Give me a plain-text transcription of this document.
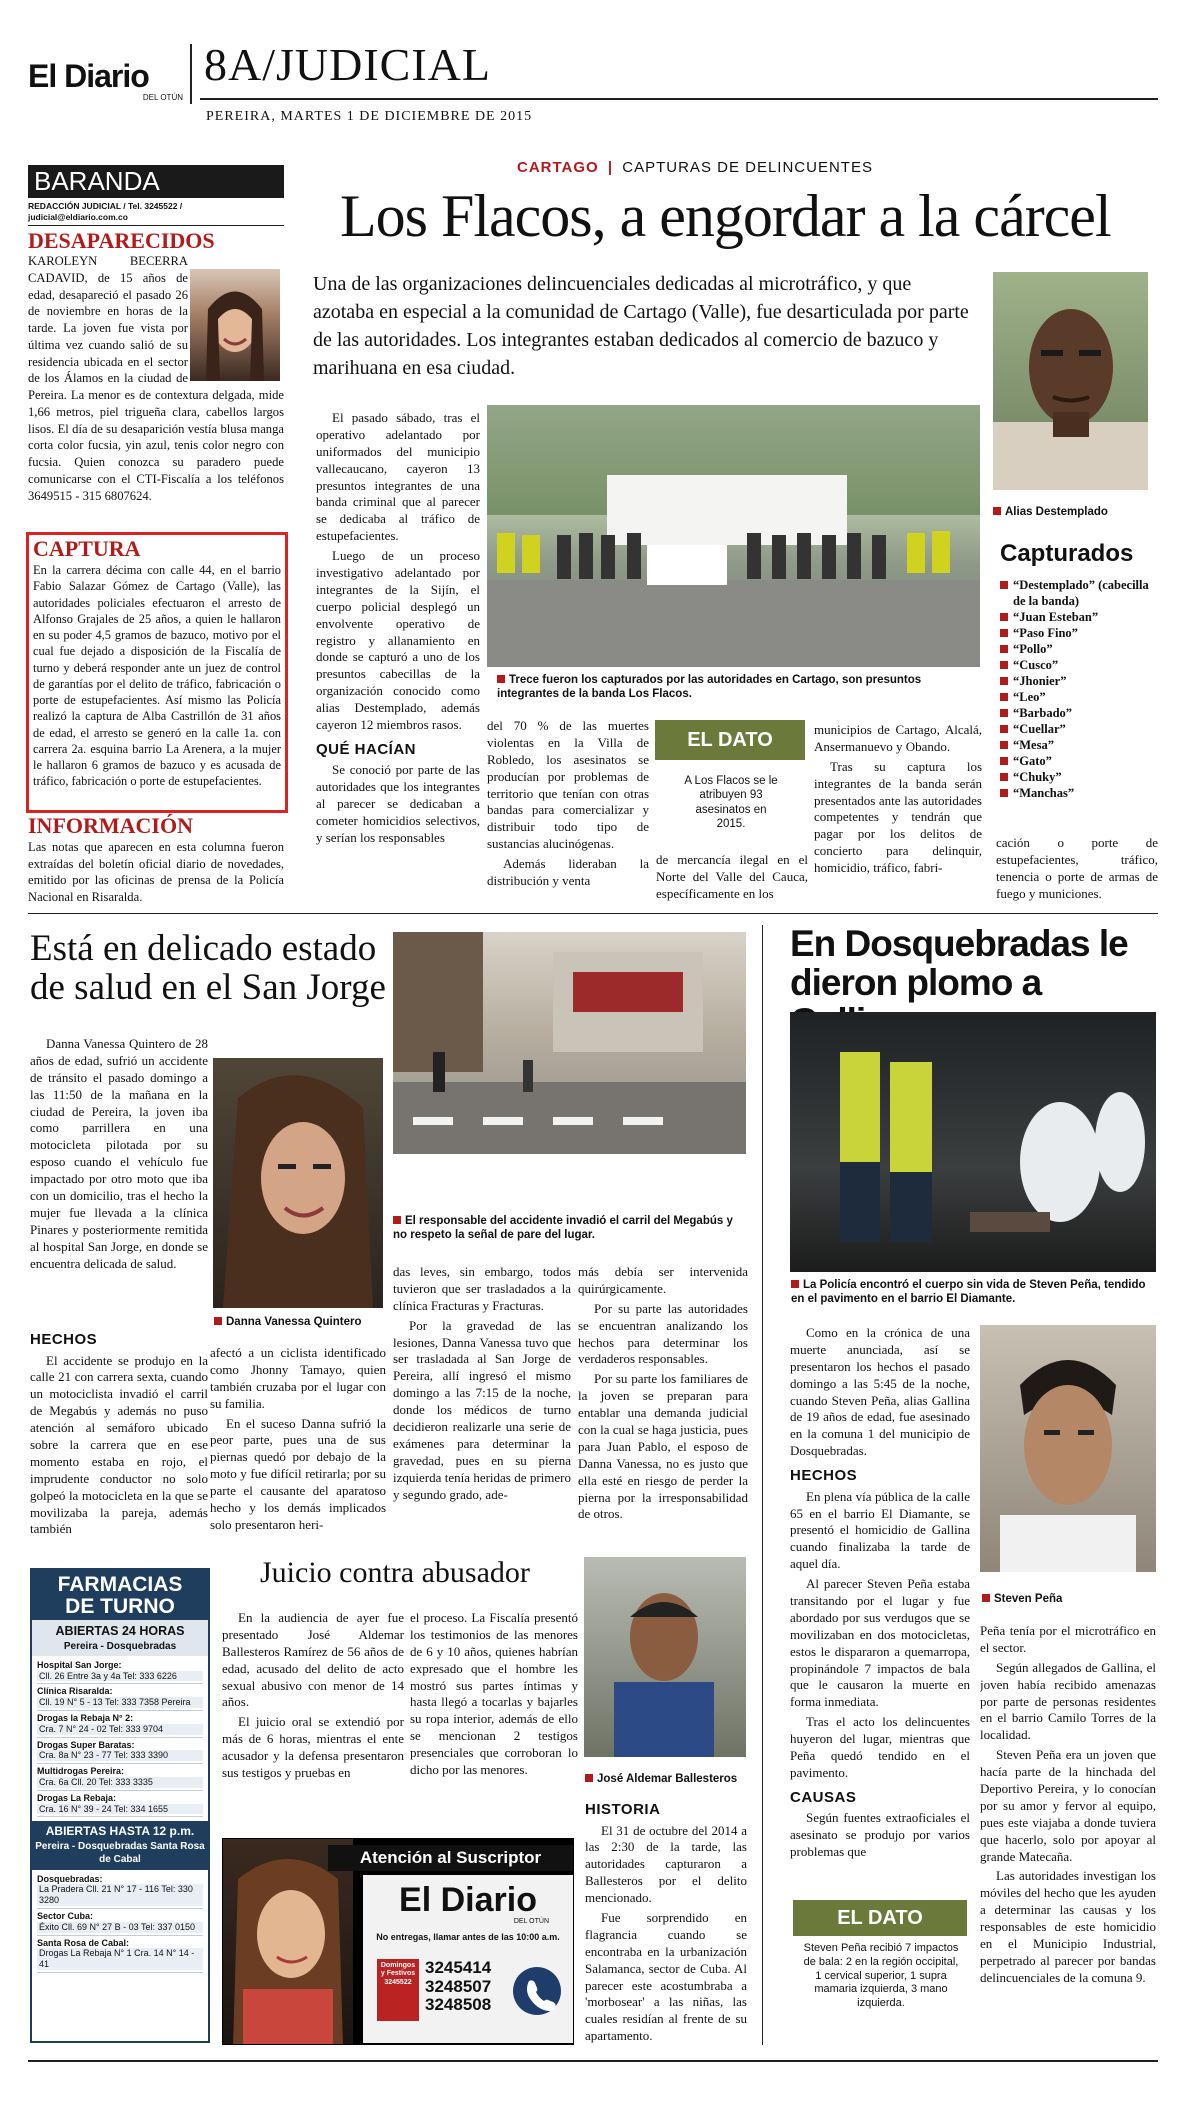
El Diario
DEL OTÚN
8A/JUDICIAL
PEREIRA, MARTES 1 DE DICIEMBRE DE 2015
BARANDA
REDACCIÓN JUDICIAL / Tel. 3245522 / judicial@eldiario.com.co
DESAPARECIDOS
KAROLEYN BECERRA CADAVID, de 15 años de edad, desapareció el pasado 26 de noviembre en horas de la tarde. La joven fue vista por última vez cuando salió de su residencia ubicada en el sector de los Álamos en la ciudad de Pereira. La menor es de contextura delgada, mide 1,66 metros, piel trigueña clara, cabellos largos lisos. El día de su desaparición vestía blusa manga corta color fucsia, yin azul, tenis color negro con fucsia. Quien conozca su paradero puede comunicarse con el CTI-Fiscalía a los teléfonos 3649515 - 315 6807624.
CAPTURA
En la carrera décima con calle 44, en el barrio Fabio Salazar Gómez de Cartago (Valle), las autoridades policiales efectuaron el arresto de Alfonso Grajales de 25 años, a quien le hallaron en su poder 4,5 gramos de bazuco, motivo por el cual fue dejado a disposición de la Fiscalía de turno y deberá responder ante un juez de control de garantías por el delito de tráfico, fabricación o porte de estupefacientes. Así mismo las Policía realizó la captura de Alba Castrillón de 31 años de edad, el arresto se generó en la calle 1a. con carrera 2a. esquina barrio La Arenera, a la mujer le hallaron 6 gramos de bazuco y es acusada de tráfico, fabricación o porte de estupefacientes.
INFORMACIÓN
Las notas que aparecen en esta columna fueron extraídas del boletín oficial diario de novedades, emitido por las oficinas de prensa de la Policía Nacional en Risaralda.
CARTAGO | CAPTURAS DE DELINCUENTES
Los Flacos, a engordar a la cárcel
Una de las organizaciones delincuenciales dedicadas al microtráfico, y que azotaba en especial a la comunidad de Cartago (Valle), fue desarticulada por parte de las autoridades. Los integrantes estaban dedicados al comercio de bazuco y marihuana en esa ciudad.
Alias Destemplado

El pasado sábado, tras el operativo adelantado por uniformados del municipio vallecaucano, cayeron 13 presuntos integrantes de una banda criminal que al parecer se dedicaba al tráfico de estupefacientes.

Luego de un proceso investigativo adelantado por integrantes de la Sijín, el cuerpo policial desplegó un envolvente operativo de registro y allanamiento en donde se capturó a uno de los presuntos cabecillas de la organización conocido como alias Destemplado, además cayeron 12 miembros rasos.

QUÉ HACÍAN

Se conoció por parte de las autoridades que los integrantes al parecer se dedicaban a cometer homicidios selectivos, y serían los responsables

Trece fueron los capturados por las autoridades en Cartago, son presuntos integrantes de la banda Los Flacos.

del 70 % de las muertes violentas en la Villa de Robledo, los asesinatos se producían por problemas de territorio que tenían con otras bandas para comercializar y distribuir todo tipo de sustancias alucinógenas.

Además lideraban la distribución y venta

EL DATO
A Los Flacos se le atribuyen 93 asesinatos en 2015.
de mercancía ilegal en el Norte del Valle del Cauca, específicamente en los

municipios de Cartago, Alcalá, Ansermanuevo y Obando.

Tras su captura los integrantes de la banda serán presentados ante las autoridades competentes y tendrán que pagar por los delitos de concierto para delinquir, homicidio, tráfico, fabri-

Capturados
“Destemplado” (cabecilla de la banda)
“Juan Esteban”
“Paso Fino”
“Pollo”
“Cusco”
“Jhonier”
“Leo”
“Barbado”
“Cuellar”
“Mesa”
“Gato”
“Chuky”
“Manchas”
cación o porte de estupefacientes, tráfico, tenencia o porte de armas de fuego y municiones.
Está en delicado estado de salud en el San Jorge

Danna Vanessa Quintero de 28 años de edad, sufrió un accidente de tránsito el pasado domingo a las 11:50 de la mañana en la ciudad de Pereira, la joven iba como parrillera en una motocicleta pilotada por su esposo cuando el vehículo fue impactado por otro moto que iba con un domicilio, tras el hecho la mujer fue llevada a la clínica Pinares y posteriormente remitida al hospital San Jorge, en donde se encuentra delicada de salud.

Danna Vanessa Quintero
HECHOS

El accidente se produjo en la calle 21 con carrera sexta, cuando un motociclista invadió el carril de Megabús y además no puso atención al semáforo ubicado sobre la carrera que en ese momento estaba en rojo, el imprudente conductor no solo golpeó la motocicleta en la que se movilizaba la pareja, además también

El responsable del accidente invadió el carril del Megabús y no respeto la señal de pare del lugar.

afectó a un ciclista identificado como Jhonny Tamayo, quien también cruzaba por el lugar con su familia.

En el suceso Danna sufrió la peor parte, pues una de sus piernas quedó por debajo de la moto y fue difícil retirarla; por su parte el causante del aparatoso hecho y los demás implicados solo presentaron heri-

das leves, sin embargo, todos tuvieron que ser trasladados a la clínica Fracturas y Fracturas.

Por la gravedad de las lesiones, Danna Vanessa tuvo que ser trasladada al San Jorge de Pereira, allí ingresó el mismo domingo a las 7:15 de la noche, donde los médicos de turno decidieron realizarle una serie de exámenes para determinar la gravedad, pues en su pierna izquierda tenía heridas de primero y segundo grado, ade-

más debía ser intervenida quirúrgicamente.

Por su parte las autoridades se encuentran analizando los hechos para determinar los verdaderos responsables.

Por su parte los familiares de la joven se preparan para entablar una demanda judicial con la cual se haga justicia, pues para Juan Pablo, el esposo de Danna Vanessa, no es justo que ella esté en riesgo de perder la pierna por la irresponsabilidad de otros.

En Dosquebradas le dieron plomo a
La Policía encontró el cuerpo sin vida de Steven Peña, tendido en el pavimento en el barrio El Diamante.

Como en la crónica de una muerte anunciada, así se presentaron los hechos el pasado domingo a las 5:45 de la noche, cuando Steven Peña, alias Gallina de 19 años de edad, fue asesinado en la comuna 1 del municipio de Dosquebradas.

HECHOS

En plena vía pública de la calle 65 en el barrio El Diamante, se presentó el homicidio de Gallina cuando finalizaba la tarde de aquel día.

Al parecer Steven Peña estaba transitando por el lugar y fue abordado por sus verdugos que se movilizaban en dos motocicletas, estos le dispararon a quemarropa, propinándole 7 impactos de bala que le causaron la muerte en forma inmediata.

Tras el acto los delincuentes huyeron del lugar, mientras que Peña quedó tendido en el pavimento.

CAUSAS

Según fuentes extraoficiales el asesinato se produjo por varios problemas que

EL DATO
Steven Peña recibió 7 impactos de bala: 2 en la región occipital, 1 cervical superior, 1 supra mamaria izquierda, 3 mano izquierda.
Steven Peña

Peña tenía por el microtráfico en el sector.

Según allegados de Gallina, el joven había recibido amenazas por parte de personas residentes en el barrio Camilo Torres de la localidad.

Steven Peña era un joven que hacía parte de la hinchada del Deportivo Pereira, y lo conocían por su amor y fervor al equipo, pues este viajaba a donde tuviera que hacerlo, solo por apoyar al grande Matecaña.

Las autoridades investigan los móviles del hecho que les ayuden a determinar las causas y los responsables de este homicidio en el Municipio Industrial, perpetrado al parecer por bandas delincuenciales de la comuna 9.

FARMACIAS
DE TURNO
ABIERTAS 24 HORAS
Pereira - Dosquebradas
Hospital San Jorge:
Cll. 26 Entre 3a y 4a Tel: 333 6226
Clínica Risaralda:
Cll. 19 N° 5 - 13 Tel: 333 7358 Pereira
Drogas la Rebaja N° 2:
Cra. 7 N° 24 - 02 Tel: 333 9704
Drogas Super Baratas:
Cra. 8a N° 23 - 77 Tel: 333 3390
Multidrogas Pereira:
Cra. 6a Cll. 20 Tel: 333 3335
Drogas La Rebaja:
Cra. 16 N° 39 - 24 Tel: 334 1655
ABIERTAS HASTA 12 p.m.
Pereira - Dosquebradas Santa Rosa de Cabal
Dosquebradas:
La Pradera Cll. 21 N° 17 - 116 Tel: 330 3280
Sector Cuba:
Éxito Cll. 69 N° 27 B - 03 Tel: 337 0150
Santa Rosa de Cabal:
Drogas La Rebaja N° 1 Cra. 14 N° 14 - 41
Juicio contra abusador

En la audiencia de ayer fue presentado José Aldemar Ballesteros Ramírez de 56 años de edad, acusado del delito de acto sexual abusivo con menor de 14 años.

El juicio oral se extendió por más de 6 horas, mientras el ente acusador y la defensa presentaron sus testigos y pruebas en

el proceso. La Fiscalía presentó los testimonios de las menores de 6 y 10 años, quienes habrían expresado que el hombre les mostró sus partes íntimas y hasta llegó a tocarlas y bajarles su ropa interior, además de ello se mencionan 2 testigos presenciales que corroboran lo dicho por las menores.

José Aldemar Ballesteros
HISTORIA

El 31 de octubre del 2014 a las 2:30 de la tarde, las autoridades capturaron a Ballesteros por el delito mencionado.

Fue sorprendido en flagrancia cuando se encontraba en la urbanización Salamanca, sector de Cuba. Al parecer este acostumbraba a 'morbosear' a las niñas, las cuales residían al frente de su apartamento.

Atención al Suscriptor
El Diario
DEL OTÚN
No entregas, llamar antes de las 10:00 a.m.
3245414
3248507
3248508
Domingos y Festivos 3245522
